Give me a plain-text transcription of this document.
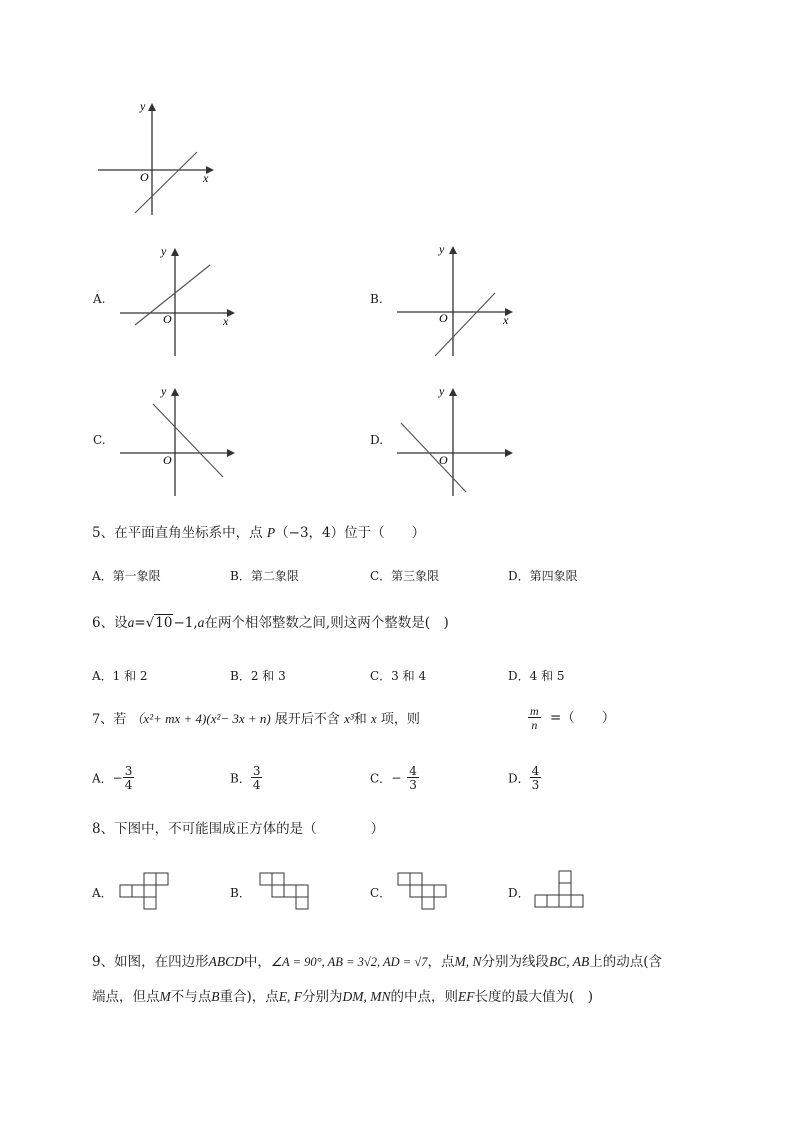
y
x
O
A.
y
x
O
B.
y
x
O
C.
y
O
D.
y
O
5、在平面直角坐标系中，点 P（−3，4）位于（　　）
A．第一象限	B．第二象限	C．第三象限	D．第四象限
6、设a=√10−1,a在两个相邻整数之间,则这两个整数是(　)
A．1 和 2	B．2 和 3	C．3 和 4	D．4 和 5
7、若 （x²+ mx + 4)(x²− 3x + n) 展开后不含 x³和 x 项，则	$\frac{m}{n}$ =（　　）
A．− $\frac{3}{4}$	B． $\frac{3}{4}$	C．− $\frac{4}{3}$	D． $\frac{4}{3}$
8、下图中，不可能围成正方体的是（　　　　）
A．	B．	C．	D．
9、如图，在四边形ABCD中，∠A = 90°, AB = 3√2, AD = √7，点M, N分别为线段BC, AB上的动点(含
端点，但点M不与点B重合)，点E, F分别为DM, MN的中点，则EF长度的最大值为(　)
